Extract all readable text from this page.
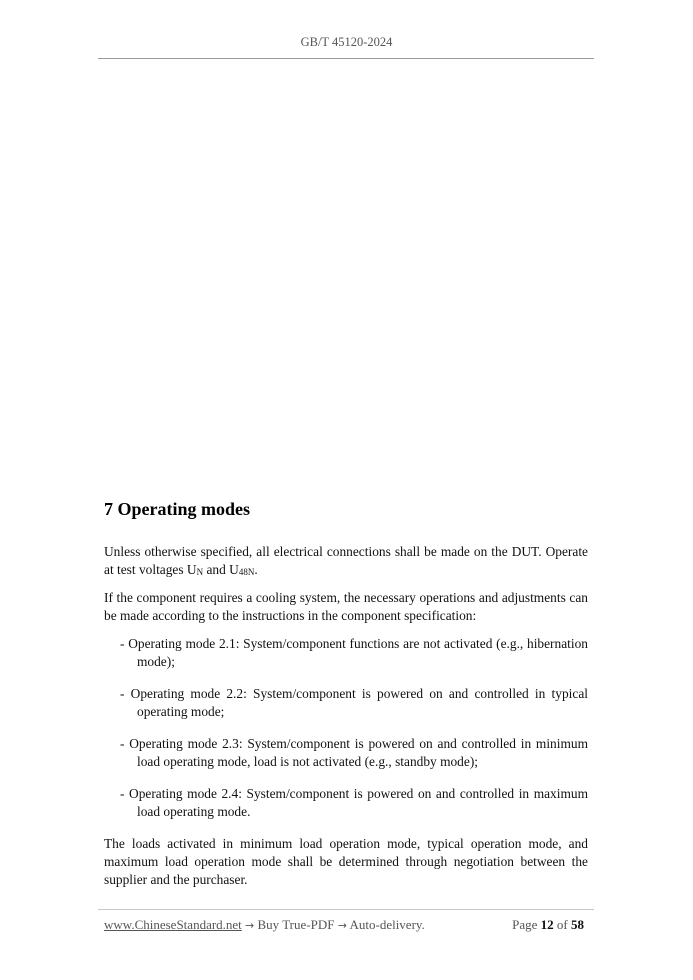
GB/T 45120-2024
7 Operating modes

Unless otherwise specified, all electrical connections shall be made on the DUT. Operate at test voltages $U_N$ and $U_{48N}$.

If the component requires a cooling system, the necessary operations and adjustments can be made according to the instructions in the component specification:

- Operating mode 2.1: System/component functions are not activated (e.g., hibernation mode);
- Operating mode 2.2: System/component is powered on and controlled in typical operating mode;
- Operating mode 2.3: System/component is powered on and controlled in minimum load operating mode, load is not activated (e.g., standby mode);
- Operating mode 2.4: System/component is powered on and controlled in maximum load operating mode.

The loads activated in minimum load operation mode, typical operation mode, and maximum load operation mode shall be determined through negotiation between the supplier and the purchaser.

www.ChineseStandard.net → Buy True-PDF → Auto-delivery.	Page 12 of 58
